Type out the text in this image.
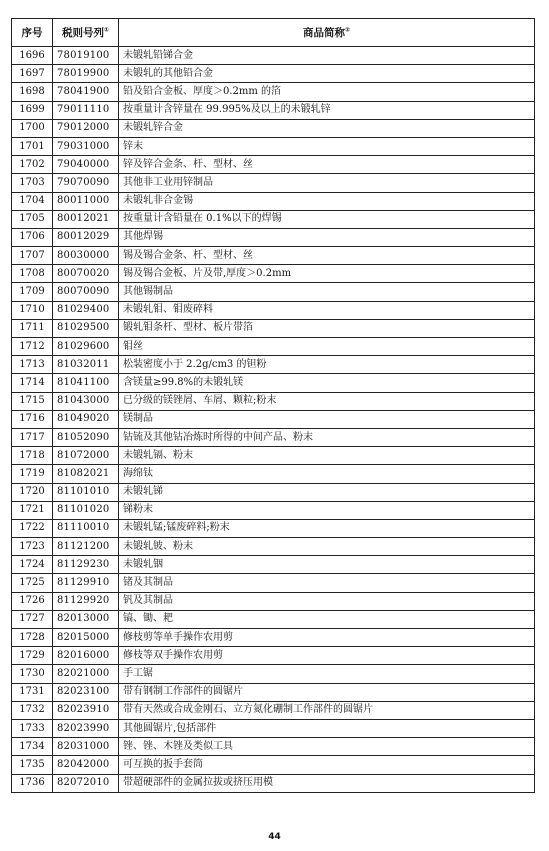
序号	税则号列①	商品简称②
1696	78019100	未锻轧铅锑合金
1697	78019900	未锻轧的其他铅合金
1698	78041900	铅及铅合金板、厚度＞0.2mm 的箔
1699	79011110	按重量计含锌量在 99.995%及以上的未锻轧锌
1700	79012000	未锻轧锌合金
1701	79031000	锌末
1702	79040000	锌及锌合金条、杆、型材、丝
1703	79070090	其他非工业用锌制品
1704	80011000	未锻轧非合金锡
1705	80012021	按重量计含铅量在 0.1%以下的焊锡
1706	80012029	其他焊锡
1707	80030000	锡及锡合金条、杆、型材、丝
1708	80070020	锡及锡合金板、片及带,厚度＞0.2mm
1709	80070090	其他锡制品
1710	81029400	未锻轧钼、钼废碎料
1711	81029500	锻轧钼条杆、型材、板片带箔
1712	81029600	钼丝
1713	81032011	松装密度小于 2.2g/cm3 的钽粉
1714	81041100	含镁量≥99.8%的未锻轧镁
1715	81043000	已分级的镁锉屑、车屑、颗粒;粉末
1716	81049020	镁制品
1717	81052090	钴锍及其他钴冶炼时所得的中间产品、粉末
1718	81072000	未锻轧镉、粉末
1719	81082021	海绵钛
1720	81101010	未锻轧锑
1721	81101020	锑粉末
1722	81110010	未锻轧锰;锰废碎料;粉末
1723	81121200	未锻轧铍、粉末
1724	81129230	未锻轧铟
1725	81129910	锗及其制品
1726	81129920	钒及其制品
1727	82013000	镐、锄、耙
1728	82015000	修枝剪等单手操作农用剪
1729	82016000	修枝等双手操作农用剪
1730	82021000	手工锯
1731	82023100	带有钢制工作部件的圆锯片
1732	82023910	带有天然或合成金刚石、立方氮化硼制工作部件的圆锯片
1733	82023990	其他圆锯片,包括部件
1734	82031000	锉、锉、木锉及类似工具
1735	82042000	可互换的扳手套筒
1736	82072010	带超硬部件的金属拉拔或挤压用模
44
